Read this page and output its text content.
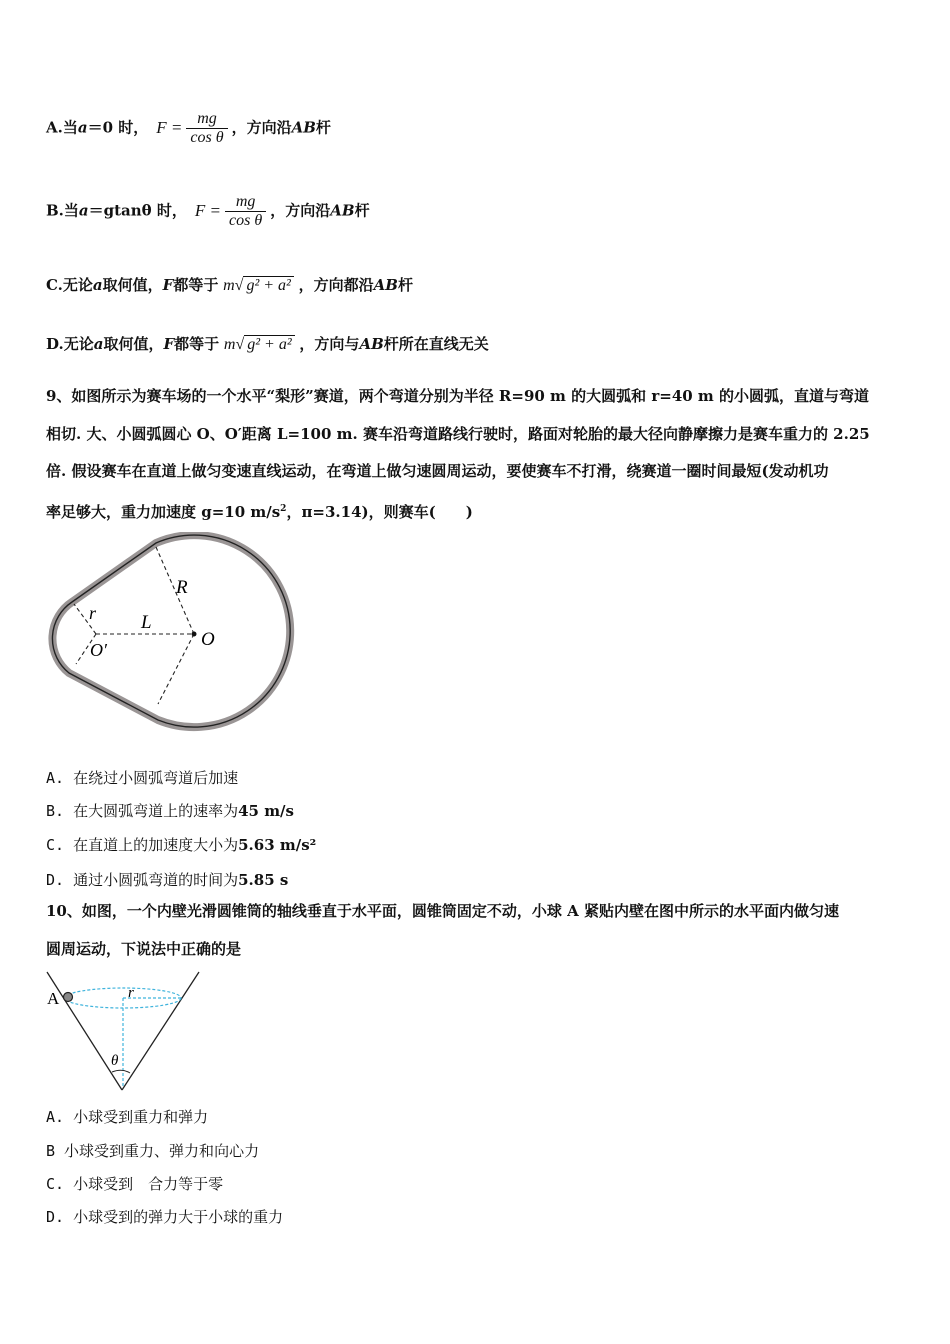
A.当a＝0 时， $F = \frac{mg}{\text{cos θ}}$ ，方向沿AB杆
B.当a＝gtanθ 时， $F = \frac{mg}{\text{cos θ}}$ ，方向沿AB杆
C.无论a取何值，F都等于 m√ g² + a² ，方向都沿AB杆
D.无论a取何值，F都等于 m√ g² + a² ，方向与AB杆所在直线无关
9、如图所示为赛车场的一个水平“梨形”赛道，两个弯道分别为半径 R=90 m 的大圆弧和 r=40 m 的小圆弧，直道与弯道
相切. 大、小圆弧圆心 O、O′距离 L=100 m. 赛车沿弯道路线行驶时，路面对轮胎的最大径向静摩擦力是赛车重力的 2.25
倍. 假设赛车在直道上做匀变速直线运动，在弯道上做匀速圆周运动，要使赛车不打滑，绕赛道一圈时间最短(发动机功
率足够大，重力加速度 g=10 $m/s^2$，π=3.14)，则赛车(　　)
R
r L
O
O′
A. 在绕过小圆弧弯道后加速
B. 在大圆弧弯道上的速率为45 m/s
C. 在直道上的加速度大小为5.63 m/s²
D. 通过小圆弧弯道的时间为5.85 s
10、如图，一个内壁光滑圆锥筒的轴线垂直于水平面，圆锥筒固定不动，小球 A 紧贴内壁在图中所示的水平面内做匀速
圆周运动，下说法中正确的是
A	r
θ
A. 小球受到重力和弹力
B 小球受到重力、弹力和向心力
C. 小球受到　合力等于零
D. 小球受到的弹力大于小球的重力
